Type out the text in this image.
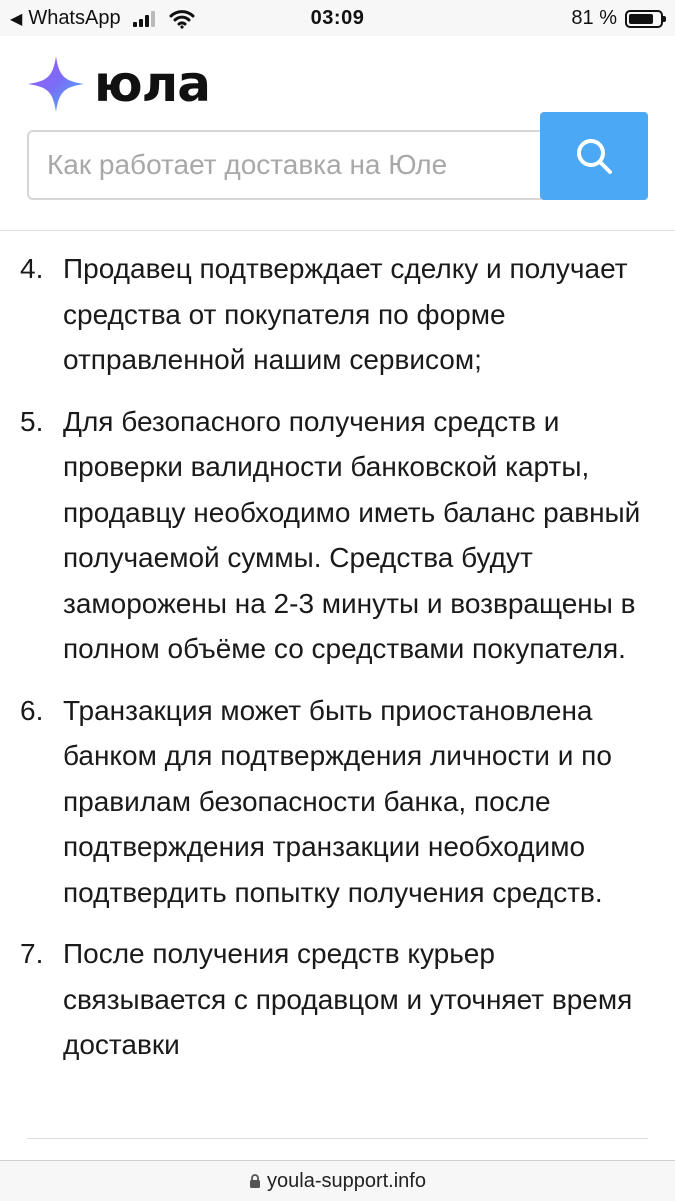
◀ WhatsApp	03:09	81 %
юла
Как работает доставка на Юле
4. Продавец подтверждает сделку и получает средства от покупателя по форме отправленной нашим сервисом;
5. Для безопасного получения средств и проверки валидности банковской карты, продавцу необходимо иметь баланс равный получаемой суммы. Средства будут заморожены на 2-3 минуты и возвращены в полном объёме со средствами покупателя.
6. Транзакция может быть приостановлена банком для подтверждения личности и по правилам безопасности банка, после подтверждения транзакции необходимо подтвердить попытку получения средств.
7. После получения средств курьер связывается с продавцом и уточняет время доставки
youla-support.info
